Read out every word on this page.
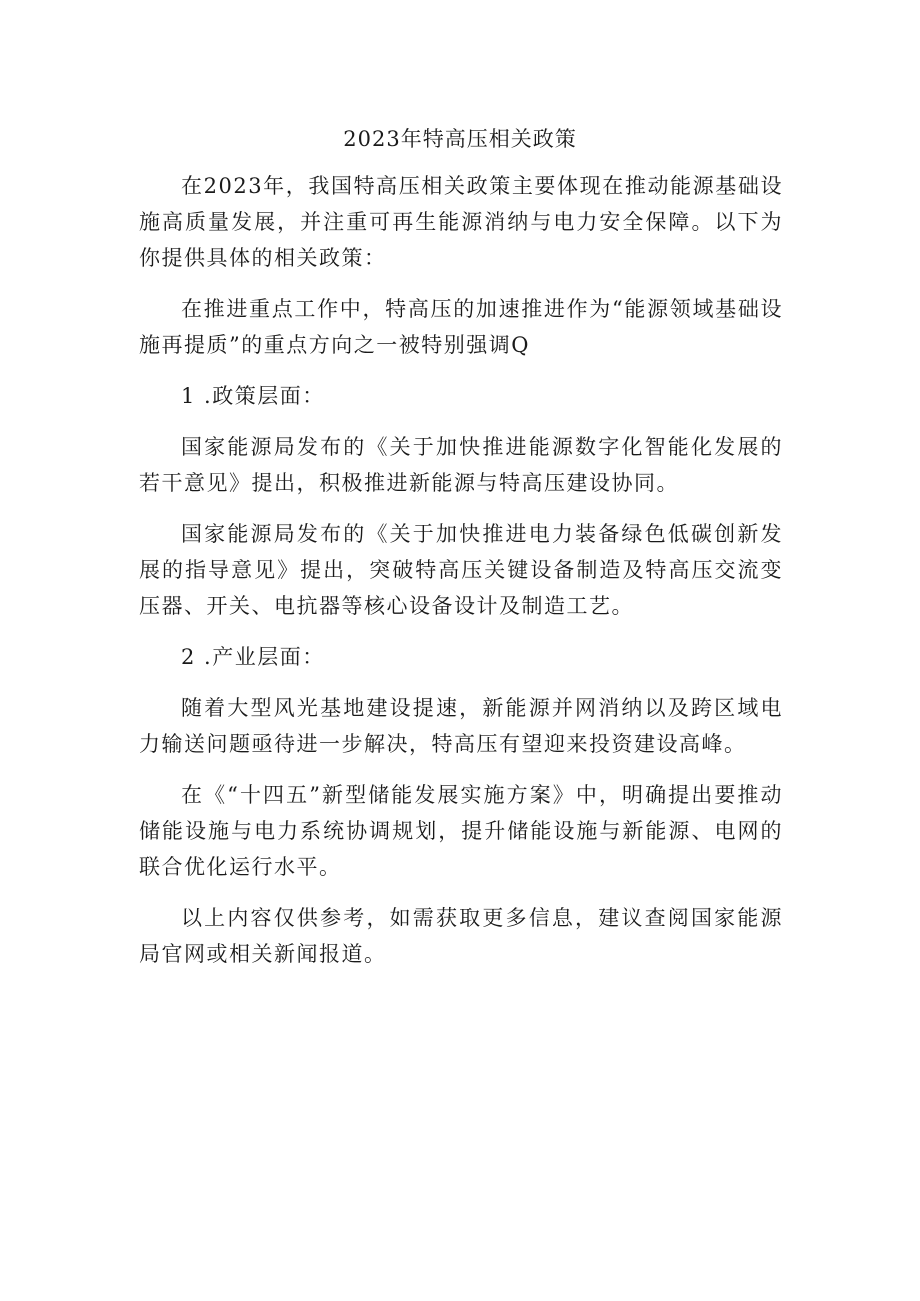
2023年特高压相关政策

在2023年，我国特高压相关政策主要体现在推动能源基础设施高质量发展，并注重可再生能源消纳与电力安全保障。以下为你提供具体的相关政策：

在推进重点工作中，特高压的加速推进作为“能源领域基础设施再提质”的重点方向之一被特别强调Q

1 .政策层面：

国家能源局发布的《关于加快推进能源数字化智能化发展的若干意见》提出，积极推进新能源与特高压建设协同。

国家能源局发布的《关于加快推进电力装备绿色低碳创新发展的指导意见》提出，突破特高压关键设备制造及特高压交流变压器、开关、电抗器等核心设备设计及制造工艺。

2 .产业层面：

随着大型风光基地建设提速，新能源并网消纳以及跨区域电力输送问题亟待进一步解决，特高压有望迎来投资建设高峰。

在《“十四五”新型储能发展实施方案》中，明确提出要推动储能设施与电力系统协调规划，提升储能设施与新能源、电网的联合优化运行水平。

以上内容仅供参考，如需获取更多信息，建议查阅国家能源局官网或相关新闻报道。
